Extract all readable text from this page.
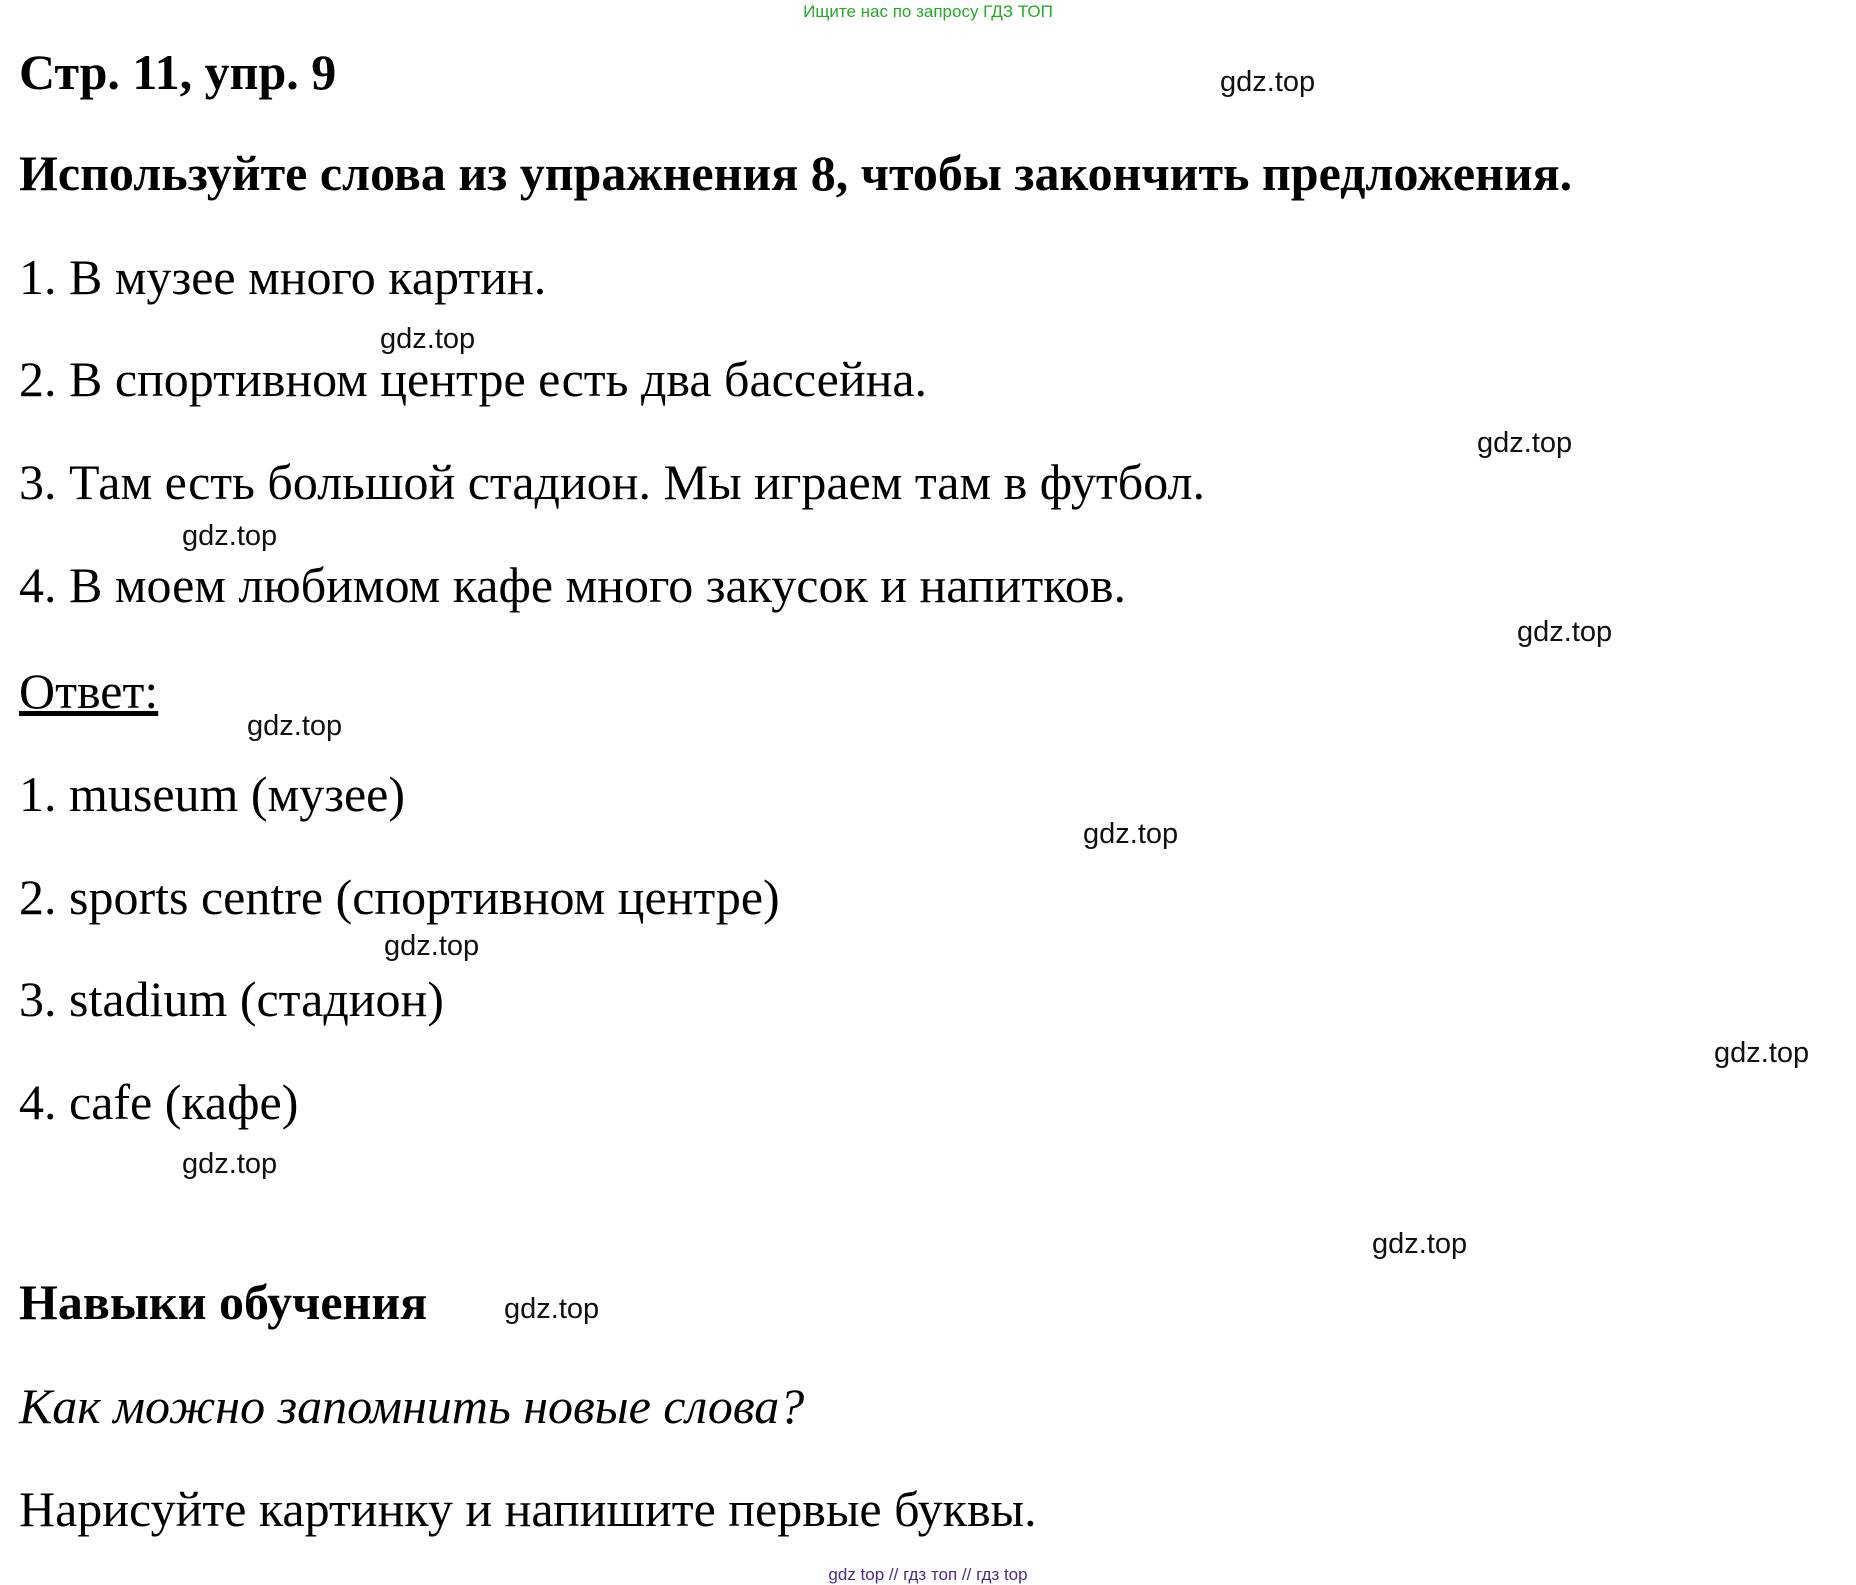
Ищите нас по запросу ГДЗ ТОП
Стр. 11, упр. 9	gdz.top
Используйте слова из упражнения 8, чтобы закончить предложения.
1. В музее много картин.
gdz.top
2. В спортивном центре есть два бассейна.
gdz.top
3. Там есть большой стадион. Мы играем там в футбол.
gdz.top
4. В моем любимом кафе много закусок и напитков.
gdz.top
Ответ:
gdz.top
1. museum (музее)
gdz.top
2. sports centre (спортивном центре)
gdz.top
3. stadium (стадион)
gdz.top
4. cafe (кафе)
gdz.top
gdz.top
Навыки обучения	gdz.top
Как можно запомнить новые слова?
Нарисуйте картинку и напишите первые буквы.
gdz top // гдз топ // гдз top
